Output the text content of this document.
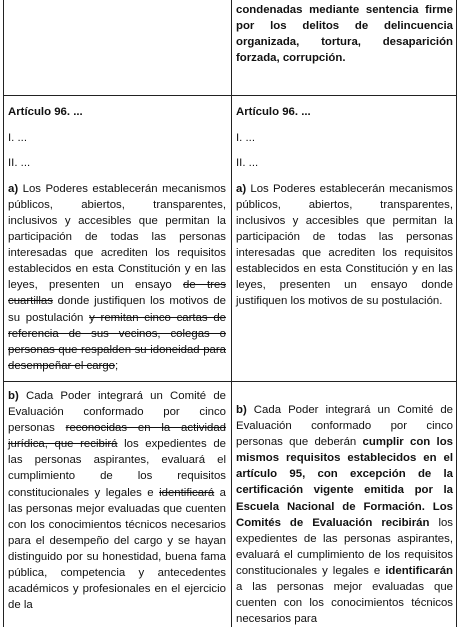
condenadas mediante sentencia firme por los delitos de delincuencia organizada, tortura, desaparición forzada, corrupción.

Artículo 96. ...

I. ...

II. ...

a) Los Poderes establecerán mecanismos públicos, abiertos, transparentes, inclusivos y accesibles que permitan la participación de todas las personas interesadas que acrediten los requisitos establecidos en esta Constitución y en las leyes, presenten un ensayo de tres cuartillas donde justifiquen los motivos de su postulación y remitan cinco cartas de referencia de sus vecinos, colegas o personas que respalden su idoneidad para desempeñar el cargo;

b) Cada Poder integrará un Comité de Evaluación conformado por cinco personas reconocidas en la actividad jurídica, que recibirá los expedientes de las personas aspirantes, evaluará el cumplimiento de los requisitos constitucionales y legales e identificará a las personas mejor evaluadas que cuenten con los conocimientos técnicos necesarios para el desempeño del cargo y se hayan distinguido por su honestidad, buena fama pública, competencia y antecedentes académicos y profesionales en el ejercicio de la

Artículo 96. ...

I. ...

II. ...

a) Los Poderes establecerán mecanismos públicos, abiertos, transparentes, inclusivos y accesibles que permitan la participación de todas las personas interesadas que acrediten los requisitos establecidos en esta Constitución y en las leyes, presenten un ensayo donde justifiquen los motivos de su postulación.

b) Cada Poder integrará un Comité de Evaluación conformado por cinco personas que deberán cumplir con los mismos requisitos establecidos en el artículo 95, con excepción de la certificación vigente emitida por la Escuela Nacional de Formación. Los Comités de Evaluación recibirán los expedientes de las personas aspirantes, evaluará el cumplimiento de los requisitos constitucionales y legales e identificarán a las personas mejor evaluadas que cuenten con los conocimientos técnicos necesarios para
